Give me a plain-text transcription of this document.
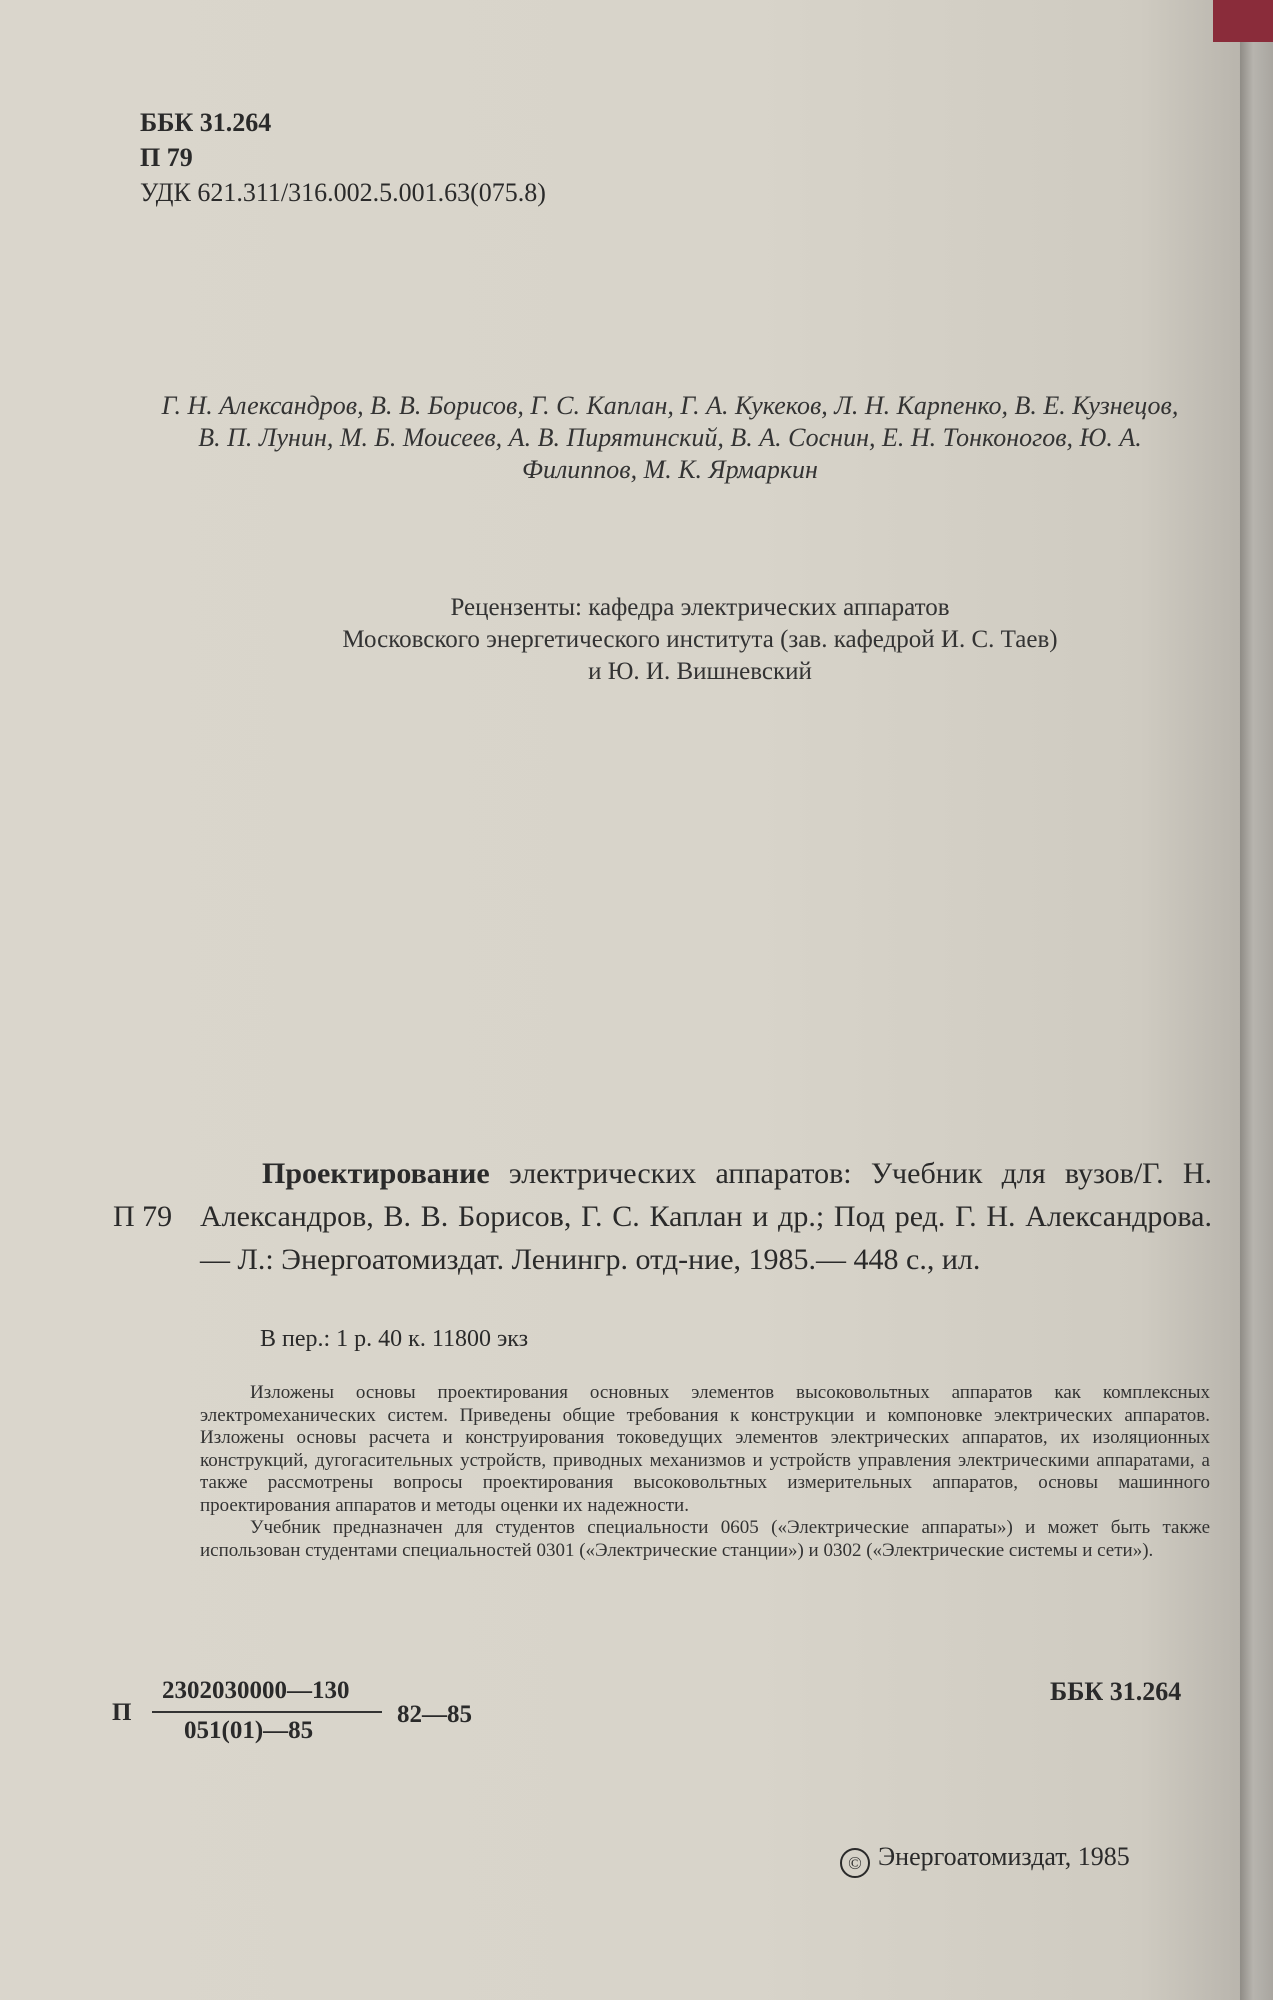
ББК 31.264
П 79
УДК 621.311/316.002.5.001.63(075.8)
Г. Н. Александров, В. В. Борисов, Г. С. Каплан, Г. А. Кукеков, Л. Н. Карпенко, В. Е. Кузнецов, В. П. Лунин, М. Б. Моисеев, А. В. Пирятинский, В. А. Соснин, Е. Н. Тонконогов, Ю. А. Филиппов, М. К. Ярмаркин
Рецензенты: кафедра электрических аппаратов
Московского энергетического института (зав. кафедрой И. С. Таев)
и Ю. И. Вишневский
П 79
Проектирование электрических аппаратов: Учебник для вузов/Г. Н. Александров, В. В. Борисов, Г. С. Каплан и др.; Под ред. Г. Н. Александрова.— Л.: Энергоатомиздат. Ленингр. отд-ние, 1985.— 448 с., ил.
В пер.: 1 р. 40 к. 11800 экз

Изложены основы проектирования основных элементов высоковольтных аппаратов как комплексных электромеханических систем. Приведены общие требования к конструкции и компоновке электрических аппаратов. Изложены основы расчета и конструирования токоведущих элементов электрических аппаратов, их изоляционных конструкций, дугогасительных устройств, приводных механизмов и устройств управления электрическими аппаратами, а также рассмотрены вопросы проектирования высоковольтных измерительных аппаратов, основы машинного проектирования аппаратов и методы оценки их надежности.

Учебник предназначен для студентов специальности 0605 («Электрические аппараты») и может быть также использован студентами специальностей 0301 («Электрические станции») и 0302 («Электрические системы и сети»).

П $\frac{2302030000—130}{051(01)—85}$ 82—85
ББК 31.264
© Энергоатомиздат, 1985
